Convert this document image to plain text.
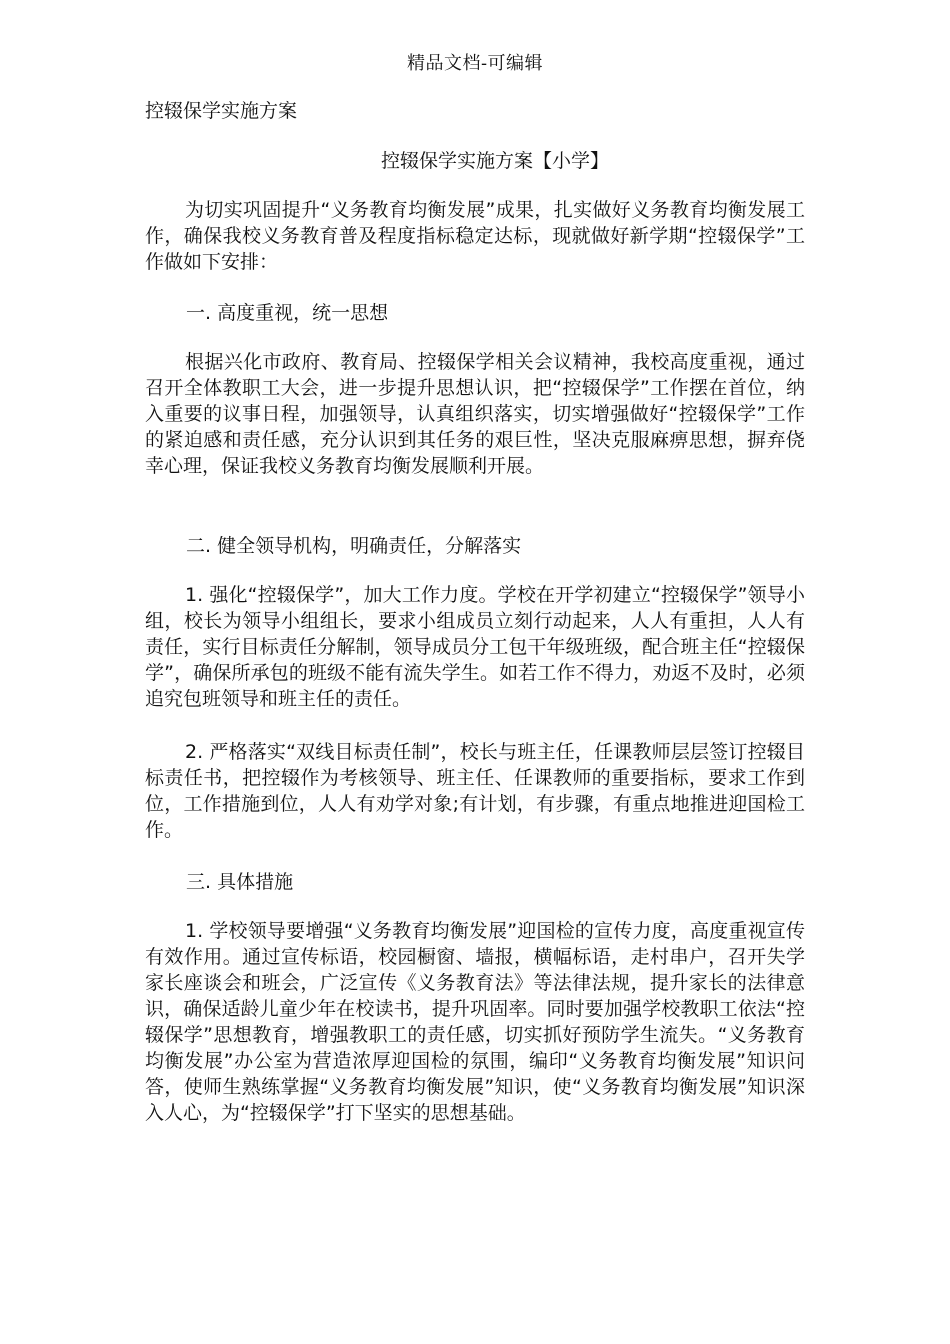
精品文档-可编辑
控辍保学实施方案
控辍保学实施方案【小学】
为切实巩固提升“义务教育均衡发展”成果，扎实做好义务教育均衡发展工作，确保我校义务教育普及程度指标稳定达标，现就做好新学期“控辍保学”工作做如下安排：
一. 高度重视，统一思想
根据兴化市政府、教育局、控辍保学相关会议精神，我校高度重视，通过召开全体教职工大会，进一步提升思想认识，把“控辍保学”工作摆在首位，纳入重要的议事日程，加强领导，认真组织落实，切实增强做好“控辍保学”工作的紧迫感和责任感，充分认识到其任务的艰巨性，坚决克服麻痹思想，摒弃侥幸心理，保证我校义务教育均衡发展顺利开展。
二. 健全领导机构，明确责任，分解落实
1. 强化“控辍保学”，加大工作力度。学校在开学初建立“控辍保学”领导小组，校长为领导小组组长，要求小组成员立刻行动起来，人人有重担，人人有责任，实行目标责任分解制，领导成员分工包干年级班级，配合班主任“控辍保学”，确保所承包的班级不能有流失学生。如若工作不得力，劝返不及时，必须追究包班领导和班主任的责任。
2. 严格落实“双线目标责任制”，校长与班主任，任课教师层层签订控辍目标责任书，把控辍作为考核领导、班主任、任课教师的重要指标，要求工作到位，工作措施到位，人人有劝学对象;有计划，有步骤，有重点地推进迎国检工作。
三. 具体措施
1. 学校领导要增强“义务教育均衡发展”迎国检的宣传力度，高度重视宣传有效作用。通过宣传标语，校园橱窗、墙报，横幅标语，走村串户，召开失学家长座谈会和班会，广泛宣传《义务教育法》等法律法规，提升家长的法律意识，确保适龄儿童少年在校读书，提升巩固率。同时要加强学校教职工依法“控辍保学”思想教育，增强教职工的责任感，切实抓好预防学生流失。“义务教育均衡发展”办公室为营造浓厚迎国检的氛围，编印“义务教育均衡发展”知识问答，使师生熟练掌握“义务教育均衡发展”知识，使“义务教育均衡发展”知识深入人心，为“控辍保学”打下坚实的思想基础。
